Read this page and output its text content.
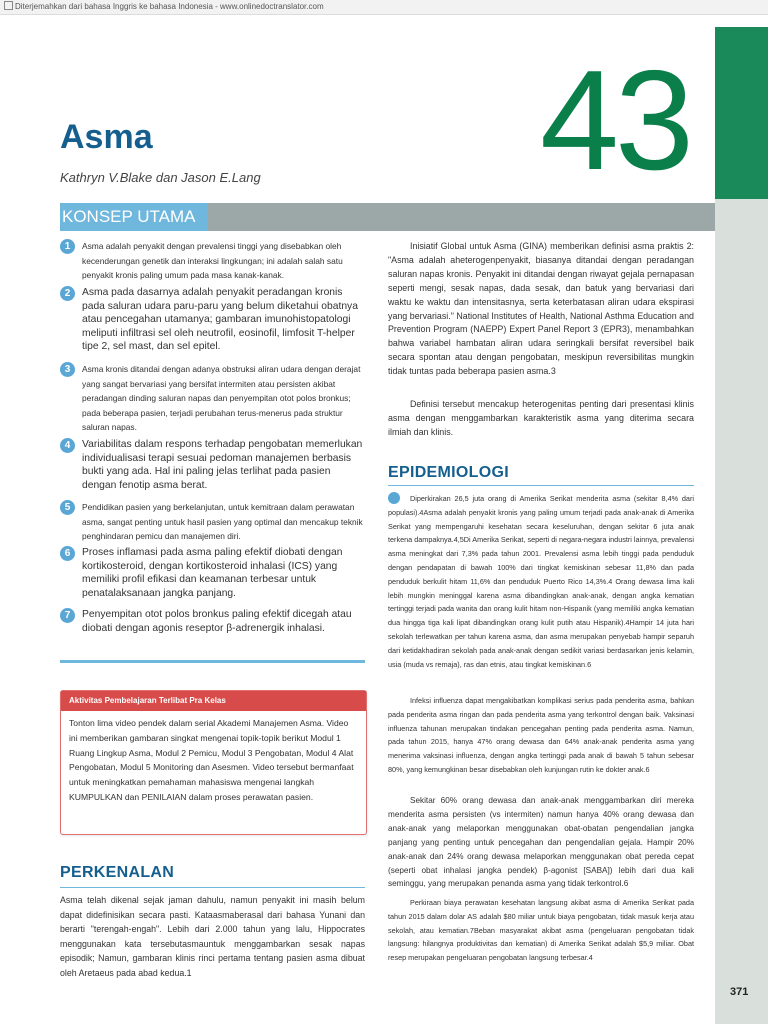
Diterjemahkan dari bahasa Inggris ke bahasa Indonesia - www.onlinedoctranslator.com
43
Asma
Kathryn V.Blake dan Jason E.Lang
KONSEP UTAMA
1	Asma adalah penyakit dengan prevalensi tinggi yang disebabkan oleh kecenderungan genetik dan interaksi lingkungan; ini adalah salah satu penyakit kronis paling umum pada masa kanak-kanak.
2	Asma pada dasarnya adalah penyakit peradangan kronis pada saluran udara paru-paru yang belum diketahui obatnya atau pencegahan utamanya; gambaran imunohistopatologi meliputi infiltrasi sel oleh neutrofil, eosinofil, limfosit T-helper tipe 2, sel mast, dan sel epitel.
3	Asma kronis ditandai dengan adanya obstruksi aliran udara dengan derajat yang sangat bervariasi yang bersifat intermiten atau persisten akibat peradangan dinding saluran napas dan penyempitan otot polos bronkus; pada beberapa pasien, terjadi perubahan terus-menerus pada struktur saluran napas.
4	Variabilitas dalam respons terhadap pengobatan memerlukan individualisasi terapi sesuai pedoman manajemen berbasis bukti yang ada. Hal ini paling jelas terlihat pada pasien dengan fenotip asma berat.
5	Pendidikan pasien yang berkelanjutan, untuk kemitraan dalam perawatan asma, sangat penting untuk hasil pasien yang optimal dan mencakup teknik penghindaran pemicu dan manajemen diri.
6	Proses inflamasi pada asma paling efektif diobati dengan kortikosteroid, dengan kortikosteroid inhalasi (ICS) yang memiliki profil efikasi dan keamanan terbesar untuk penatalaksanaan jangka panjang.
7	Penyempitan otot polos bronkus paling efektif dicegah atau diobati dengan agonis reseptor β-adrenergik inhalasi.
Aktivitas Pembelajaran Terlibat Pra Kelas
Tonton lima video pendek dalam serial Akademi Manajemen Asma. Video ini memberikan gambaran singkat mengenai topik-topik berikut Modul 1 Ruang Lingkup Asma, Modul 2 Pemicu, Modul 3 Pengobatan, Modul 4 Alat Pengobatan, Modul 5 Monitoring dan Asesmen. Video tersebut bermanfaat untuk meningkatkan pemahaman mahasiswa mengenai langkah KUMPULKAN dan PENILAIAN dalam proses perawatan pasien.
PERKENALAN
Asma telah dikenal sejak jaman dahulu, namun penyakit ini masih belum dapat didefinisikan secara pasti. Kataasmaberasal dari bahasa Yunani dan berarti "terengah-engah". Lebih dari 2.000 tahun yang lalu, Hippocrates menggunakan kata tersebutasmauntuk menggambarkan sesak napas episodik; Namun, gambaran klinis rinci pertama tentang pasien asma dibuat oleh Aretaeus pada abad kedua.1
Inisiatif Global untuk Asma (GINA) memberikan definisi asma praktis 2: "Asma adalah aheterogenpenyakit, biasanya ditandai dengan peradangan saluran napas kronis. Penyakit ini ditandai dengan riwayat gejala pernapasan seperti mengi, sesak napas, dada sesak, dan batuk yang bervariasi dari waktu ke waktu dan intensitasnya, serta keterbatasan aliran udara ekspirasi yang bervariasi." National Institutes of Health, National Asthma Education and Prevention Program (NAEPP) Expert Panel Report 3 (EPR3), menambahkan bahwa variabel hambatan aliran udara seringkali bersifat reversibel baik secara spontan atau dengan pengobatan, meskipun reversibilitas mungkin tidak tuntas pada beberapa pasien asma.3
Definisi tersebut mencakup heterogenitas penting dari presentasi klinis asma dengan menggambarkan karakteristik asma yang diterima secara ilmiah dan klinis.
EPIDEMIOLOGI
Diperkirakan 26,5 juta orang di Amerika Serikat menderita asma (sekitar 8,4% dari populasi).4Asma adalah penyakit kronis yang paling umum terjadi pada anak-anak di Amerika Serikat yang mempengaruhi kesehatan secara keseluruhan, dengan sekitar 6 juta anak terkena dampaknya.4,5Di Amerika Serikat, seperti di negara-negara industri lainnya, prevalensi asma meningkat dari 7,3% pada tahun 2001. Prevalensi asma lebih tinggi pada penduduk dengan pendapatan di bawah 100% dari tingkat kemiskinan sebesar 11,8% dan pada penduduk berkulit hitam 11,6% dan penduduk Puerto Rico 14,3%.4 Orang dewasa lima kali lebih mungkin meninggal karena asma dibandingkan anak-anak, dengan angka kematian tertinggi terjadi pada wanita dan orang kulit hitam non-Hispanik (yang memiliki angka kematian dua hingga tiga kali lipat dibandingkan orang kulit putih atau Hispanik).4Hampir 14 juta hari sekolah terlewatkan per tahun karena asma, dan asma merupakan penyebab hampir separuh dari ketidakhadiran sekolah pada anak-anak dengan sedikit variasi berdasarkan jenis kelamin, usia (muda vs remaja), ras dan etnis, atau tingkat kemiskinan.6
Infeksi influenza dapat mengakibatkan komplikasi serius pada penderita asma, bahkan pada penderita asma ringan dan pada penderita asma yang terkontrol dengan baik. Vaksinasi influenza tahunan merupakan tindakan pencegahan penting pada penderita asma. Namun, pada tahun 2015, hanya 47% orang dewasa dan 64% anak-anak penderita asma yang menerima vaksinasi influenza, dengan angka tertinggi pada anak di bawah 5 tahun sebesar 80%, yang kemungkinan besar disebabkan oleh kunjungan rutin ke dokter anak.6
Sekitar 60% orang dewasa dan anak-anak menggambarkan diri mereka menderita asma persisten (vs intermiten) namun hanya 40% orang dewasa dan anak-anak yang melaporkan menggunakan obat-obatan pengendalian jangka panjang yang penting untuk pencegahan dan pengendalian gejala. Hampir 20% anak-anak dan 24% orang dewasa melaporkan menggunakan obat pereda cepat (seperti obat inhalasi jangka pendek) β-agonist [SABA]) lebih dari dua kali seminggu, yang merupakan penanda asma yang tidak terkontrol.6
Perkiraan biaya perawatan kesehatan langsung akibat asma di Amerika Serikat pada tahun 2015 dalam dolar AS adalah $80 miliar untuk biaya pengobatan, tidak masuk kerja atau sekolah, atau kematian.7Beban masyarakat akibat asma (pengeluaran pengobatan tidak langsung: hilangnya produktivitas dan kematian) di Amerika Serikat adalah $5,9 miliar. Obat resep merupakan pengeluaran pengobatan langsung terbesar.4
371
